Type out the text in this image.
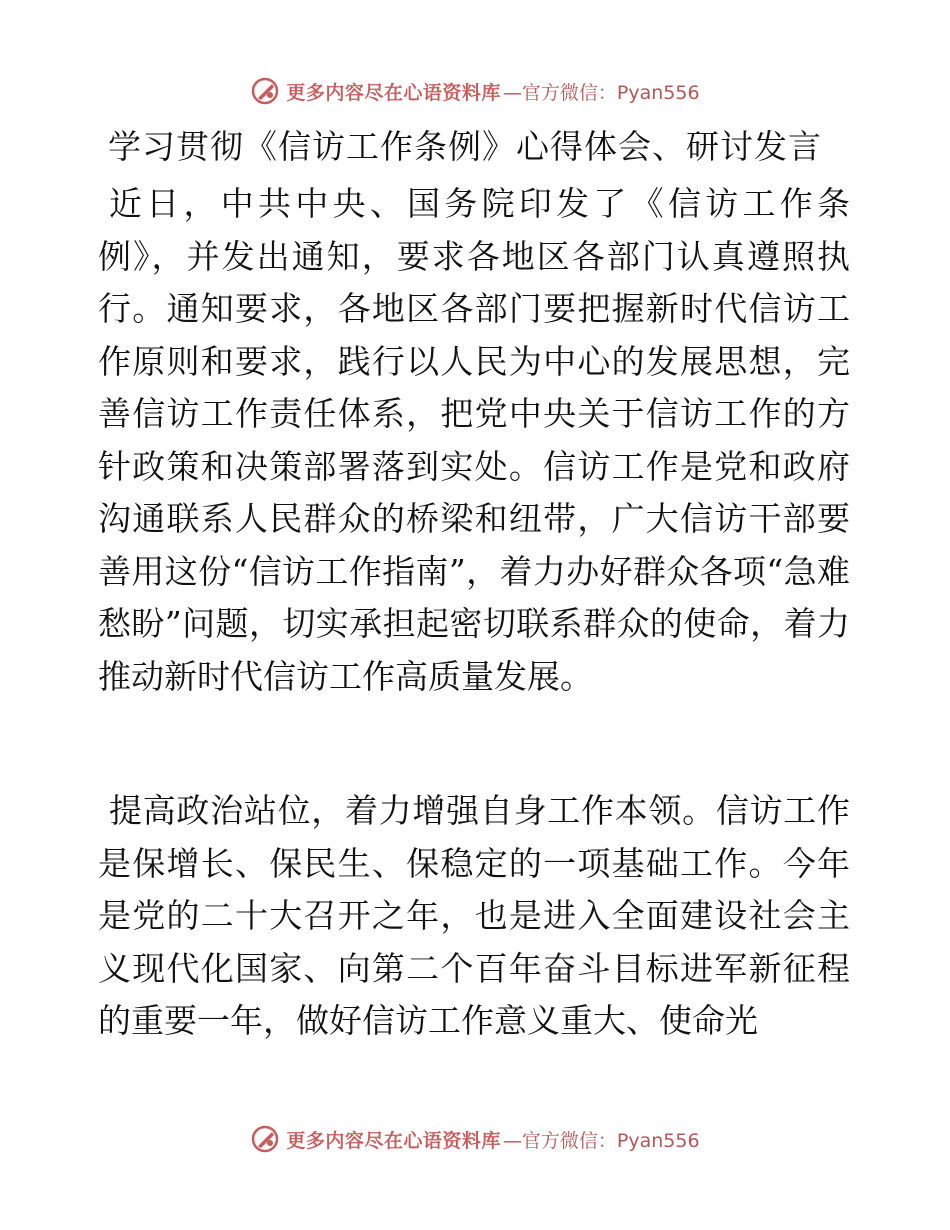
更多内容尽在心语资料库 —官方微信：Pyan556
学习贯彻《信访工作条例》心得体会、研讨发言

近日，中共中央、国务院印发了《信访工作条例》，并发出通知，要求各地区各部门认真遵照执行。通知要求，各地区各部门要把握新时代信访工作原则和要求，践行以人民为中心的发展思想，完善信访工作责任体系，把党中央关于信访工作的方针政策和决策部署落到实处。信访工作是党和政府沟通联系人民群众的桥梁和纽带，广大信访干部要善用这份“信访工作指南”，着力办好群众各项“急难愁盼”问题，切实承担起密切联系群众的使命，着力推动新时代信访工作高质量发展。

提高政治站位，着力增强自身工作本领。信访工作是保增长、保民生、保稳定的一项基础工作。今年是党的二十大召开之年，也是进入全面建设社会主义现代化国家、向第二个百年奋斗目标进军新征程的重要一年，做好信访工作意义重大、使命光

更多内容尽在心语资料库 —官方微信：Pyan556
